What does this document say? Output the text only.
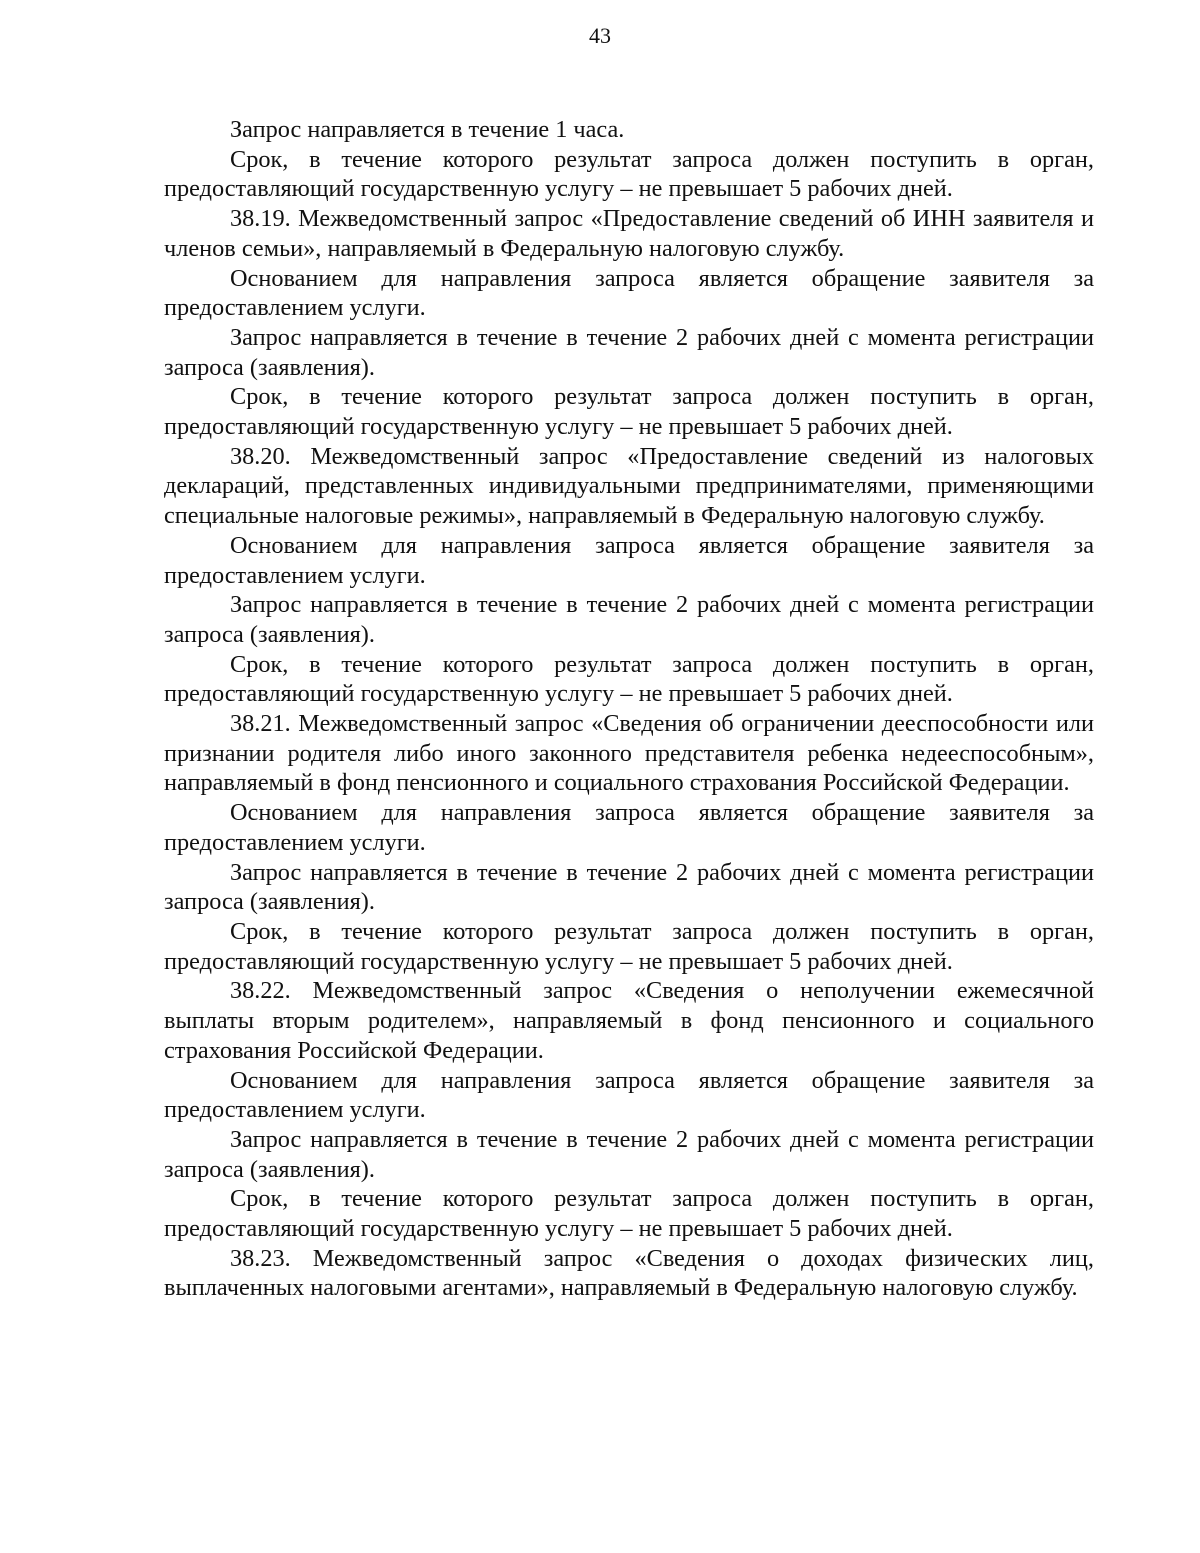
43

Запрос направляется в течение 1 часа.

Срок, в течение которого результат запроса должен поступить в орган, предоставляющий государственную услугу – не превышает 5 рабочих дней.

38.19. Межведомственный запрос «Предоставление сведений об ИНН заявителя и членов семьи», направляемый в Федеральную налоговую службу.

Основанием для направления запроса является обращение заявителя за предоставлением услуги.

Запрос направляется в течение в течение 2 рабочих дней с момента регистрации запроса (заявления).

Срок, в течение которого результат запроса должен поступить в орган, предоставляющий государственную услугу – не превышает 5 рабочих дней.

38.20. Межведомственный запрос «Предоставление сведений из налоговых деклараций, представленных индивидуальными предпринимателями, применяющими специальные налоговые режимы», направляемый в Федеральную налоговую службу.

Основанием для направления запроса является обращение заявителя за предоставлением услуги.

Запрос направляется в течение в течение 2 рабочих дней с момента регистрации запроса (заявления).

Срок, в течение которого результат запроса должен поступить в орган, предоставляющий государственную услугу – не превышает 5 рабочих дней.

38.21. Межведомственный запрос «Сведения об ограничении дееспособности или признании родителя либо иного законного представителя ребенка недееспособным», направляемый в фонд пенсионного и социального страхования Российской Федерации.

Основанием для направления запроса является обращение заявителя за предоставлением услуги.

Запрос направляется в течение в течение 2 рабочих дней с момента регистрации запроса (заявления).

Срок, в течение которого результат запроса должен поступить в орган, предоставляющий государственную услугу – не превышает 5 рабочих дней.

38.22. Межведомственный запрос «Сведения о неполучении ежемесячной выплаты вторым родителем», направляемый в фонд пенсионного и социального страхования Российской Федерации.

Основанием для направления запроса является обращение заявителя за предоставлением услуги.

Запрос направляется в течение в течение 2 рабочих дней с момента регистрации запроса (заявления).

Срок, в течение которого результат запроса должен поступить в орган, предоставляющий государственную услугу – не превышает 5 рабочих дней.

38.23. Межведомственный запрос «Сведения о доходах физических лиц, выплаченных налоговыми агентами», направляемый в Федеральную налоговую службу.
